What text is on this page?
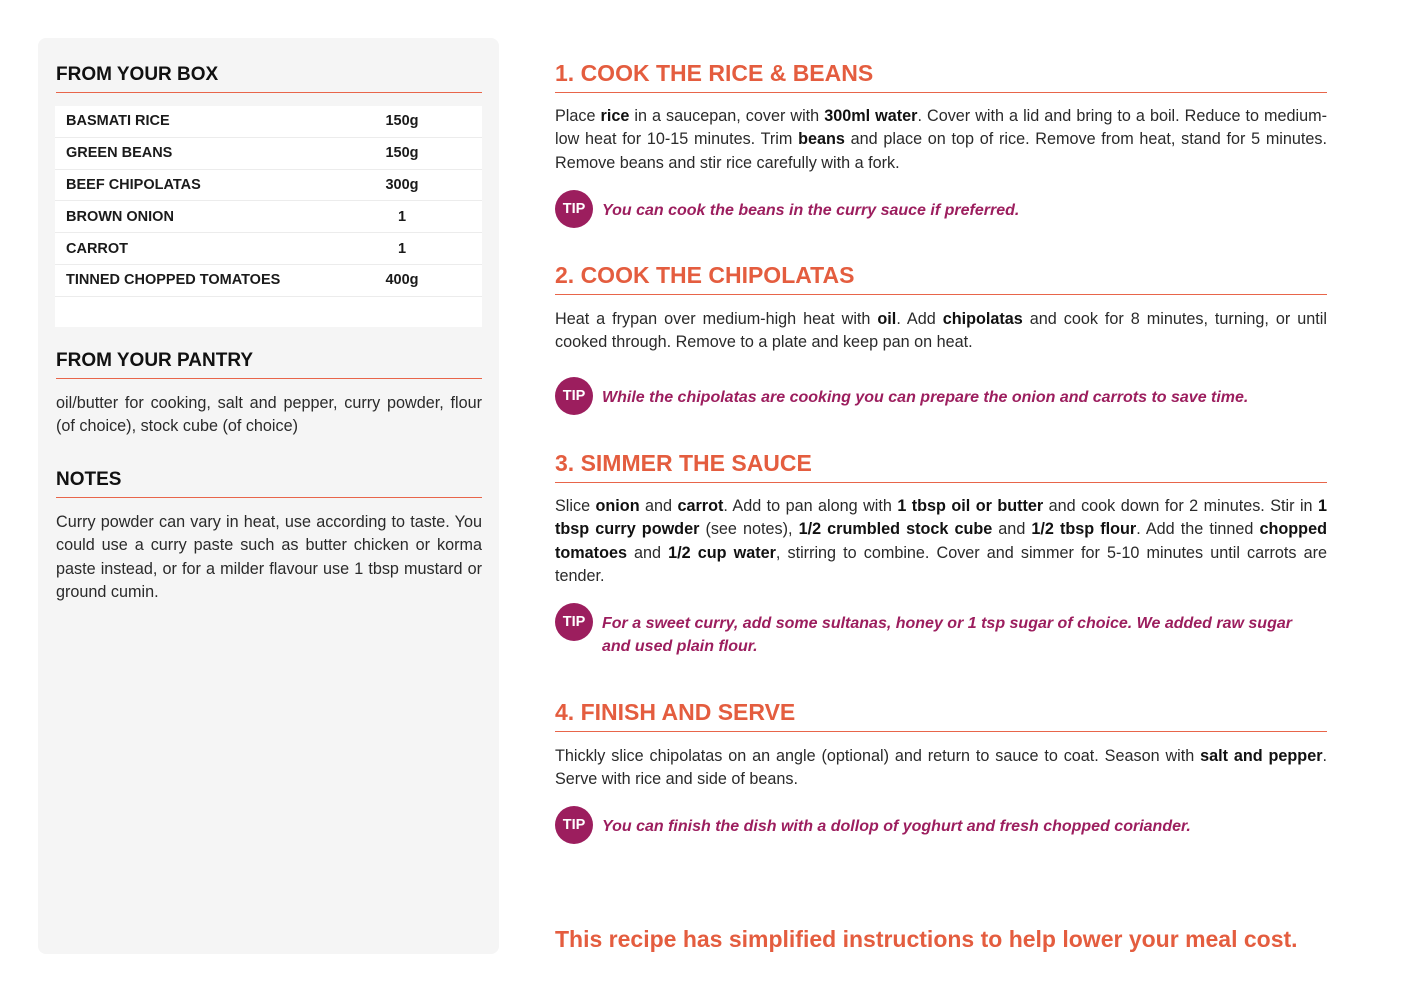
FROM YOUR BOX
BASMATI RICE	150g
GREEN BEANS	150g
BEEF CHIPOLATAS	300g
BROWN ONION	1
CARROT	1
TINNED CHOPPED TOMATOES	400g
FROM YOUR PANTRY
oil/butter for cooking, salt and pepper, curry powder, flour (of choice), stock cube (of choice)
NOTES
Curry powder can vary in heat, use according to taste. You could use a curry paste such as butter chicken or korma paste instead, or for a milder flavour use 1 tbsp mustard or ground cumin.
1. COOK THE RICE & BEANS
Place rice in a saucepan, cover with 300ml water. Cover with a lid and bring to a boil. Reduce to medium-low heat for 10-15 minutes. Trim beans and place on top of rice. Remove from heat, stand for 5 minutes. Remove beans and stir rice carefully with a fork.
TIP	You can cook the beans in the curry sauce if preferred.
2. COOK THE CHIPOLATAS
Heat a frypan over medium-high heat with oil. Add chipolatas and cook for 8 minutes, turning, or until cooked through. Remove to a plate and keep pan on heat.
TIP	While the chipolatas are cooking you can prepare the onion and carrots to save time.
3. SIMMER THE SAUCE
Slice onion and carrot. Add to pan along with 1 tbsp oil or butter and cook down for 2 minutes. Stir in 1 tbsp curry powder (see notes), 1/2 crumbled stock cube and 1/2 tbsp flour. Add the tinned chopped tomatoes and 1/2 cup water, stirring to combine. Cover and simmer for 5-10 minutes until carrots are tender.
TIP	For a sweet curry, add some sultanas, honey or 1 tsp sugar of choice. We added raw sugar and used plain flour.
4. FINISH AND SERVE
Thickly slice chipolatas on an angle (optional) and return to sauce to coat. Season with salt and pepper. Serve with rice and side of beans.
TIP	You can finish the dish with a dollop of yoghurt and fresh chopped coriander.
This recipe has simplified instructions to help lower your meal cost.
